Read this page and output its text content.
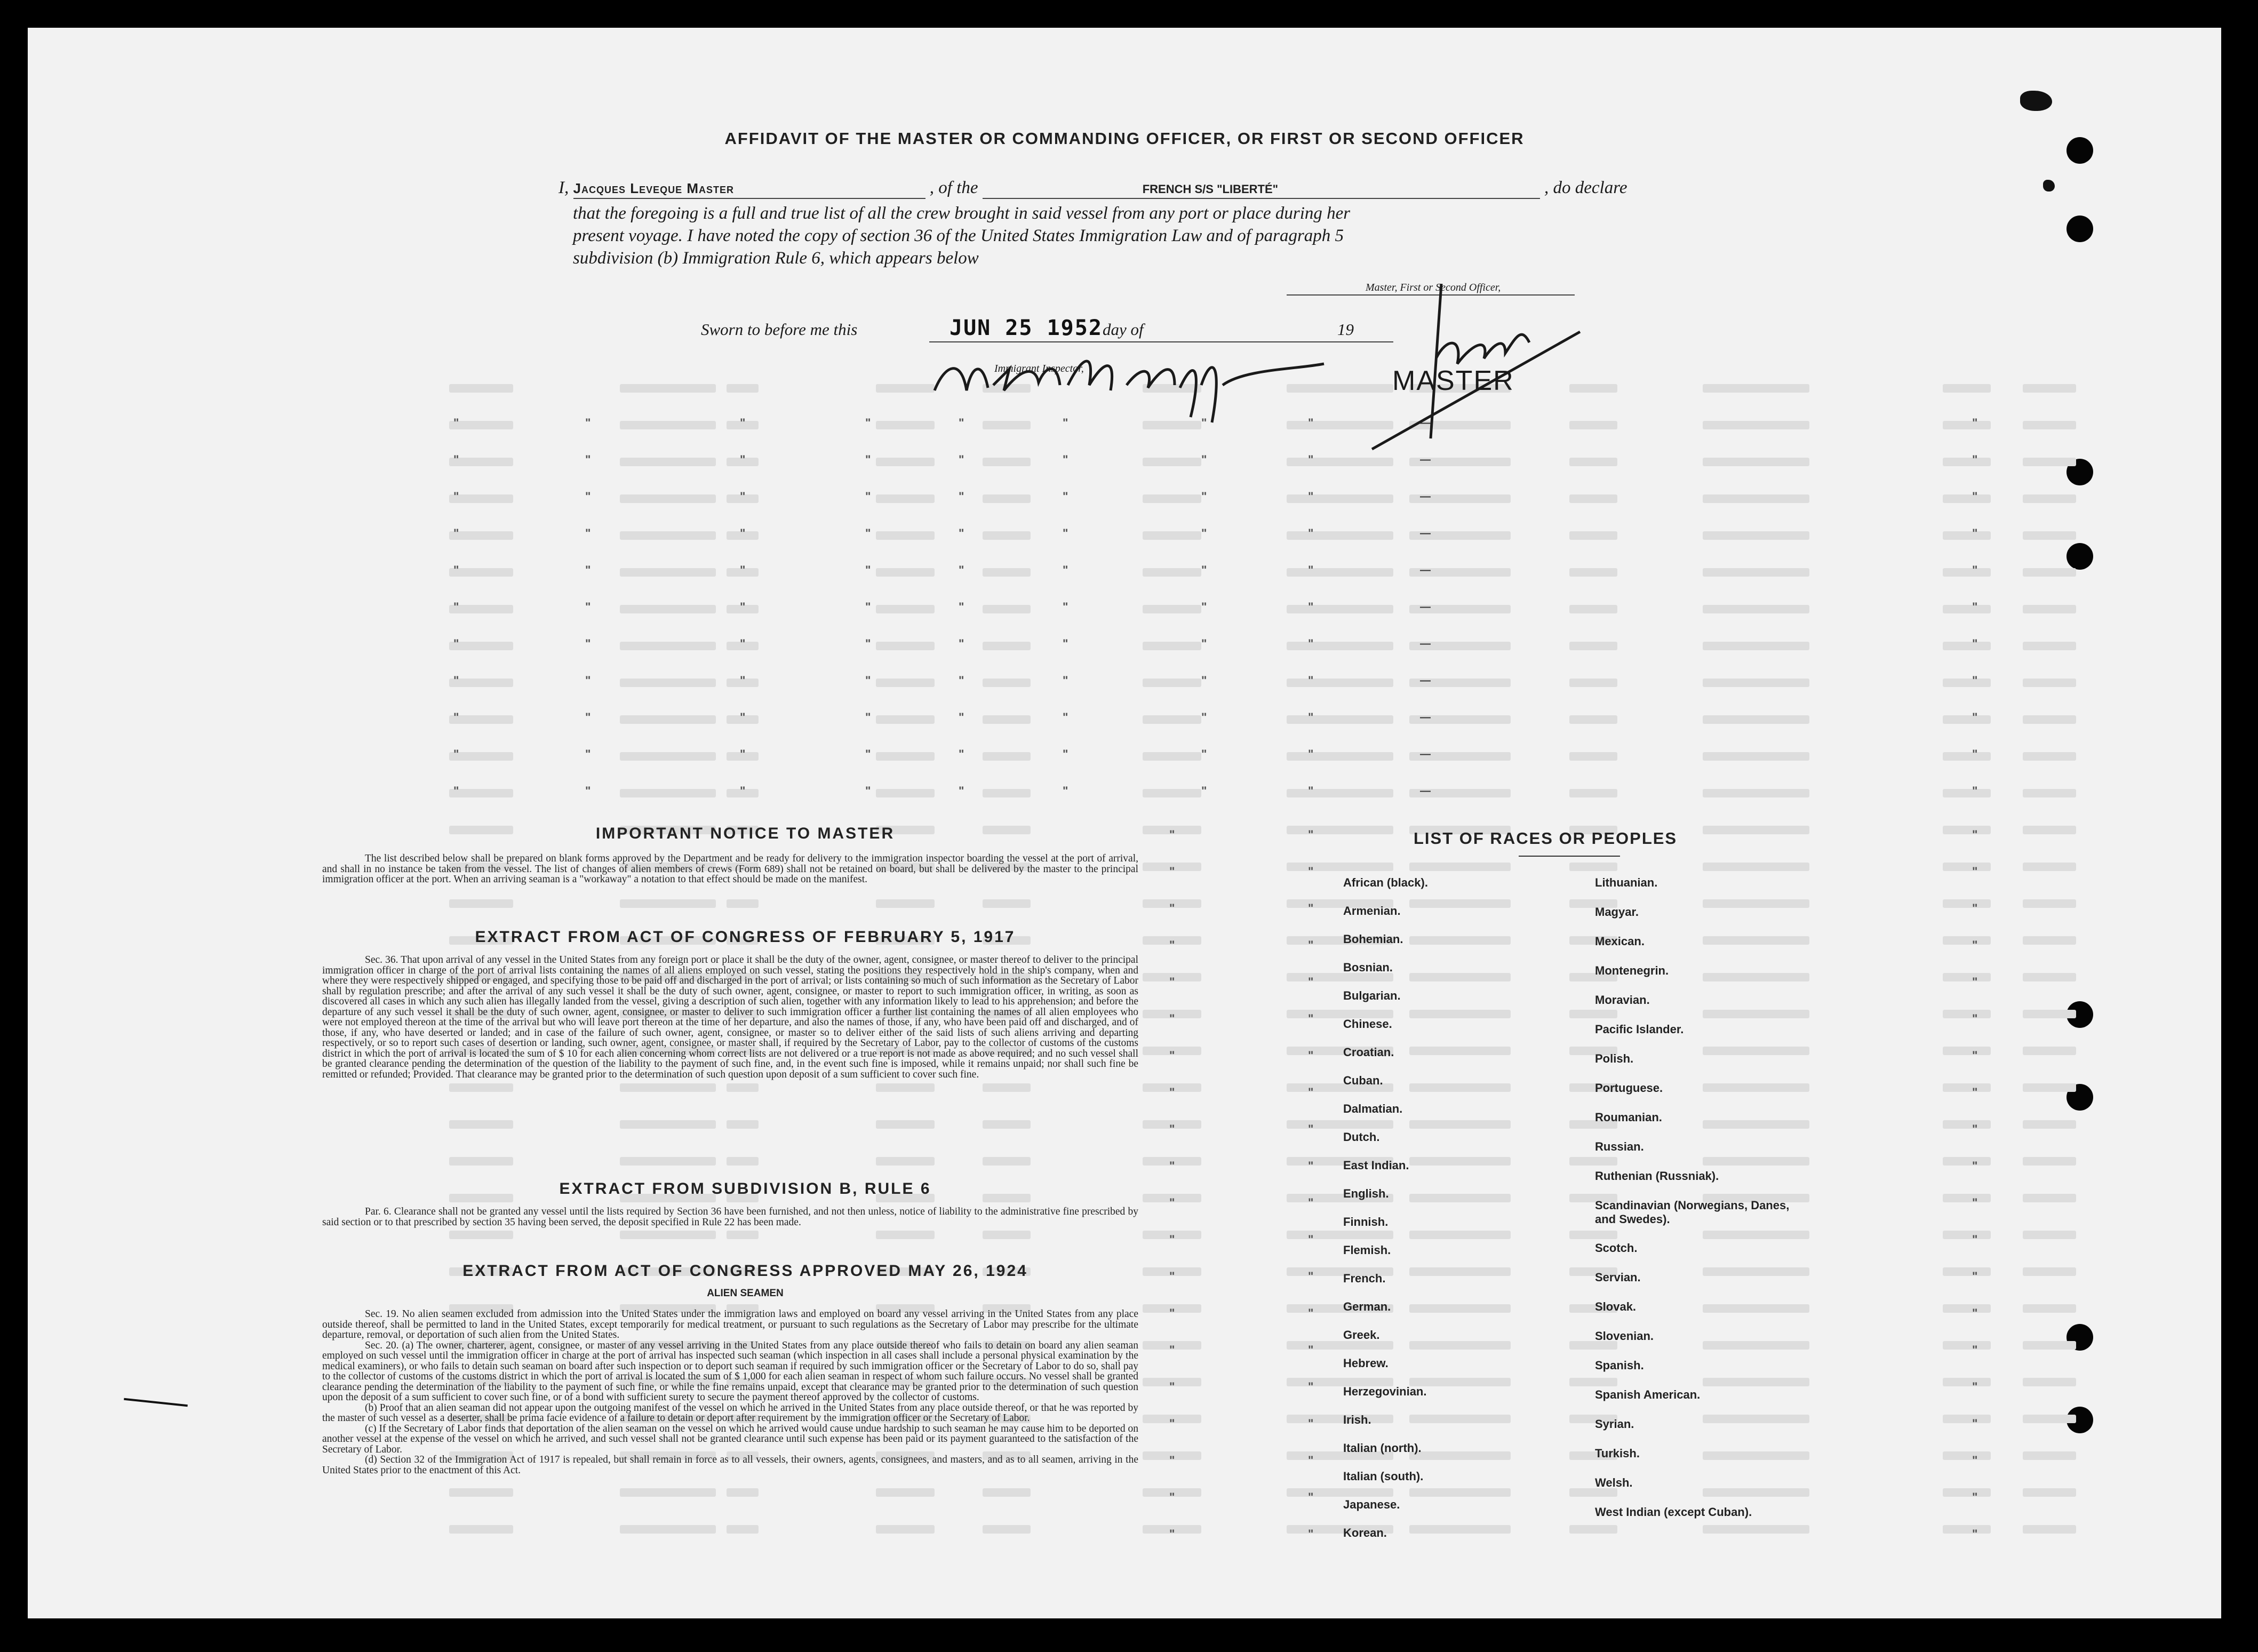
AFFIDAVIT OF THE MASTER OR COMMANDING OFFICER, OR FIRST OR SECOND OFFICER
I, Jacques Leveque Master	, of the	FRENCH S/S "LIBERTÉ"	, do declare
that the foregoing is a full and true list of all the crew brought in said vessel from any port or place during her
present voyage. I have noted the copy of section 36 of the United States Immigration Law and of paragraph 5
subdivision (b) Immigration Rule 6, which appears below
Master, First or Second Officer,
Sworn to before me this	JUN 25 1952 day of	19
Immigrant Inspector,	MASTER
"	"	"	"	"	"	"	"	—	"
"	"	"	"	"	"	"	"	—	"
"	"	"	"	"	"	"	"	—	"
"	"	"	"	"	"	"	"	—	"
"	"	"	"	"	"	"	"	—	"
"	"	"	"	"	"	"	"	—	"
"	"	"	"	"	"	"	"	—	"
"	"	"	"	"	"	"	"	—	"
"	"	"	"	"	"	"	"	—	"
"	"	"	"	"	"	"	"	—	"
"	"	"	"	"	"	"	"	—	"
"	"	"
"	"	"
"	"	"
"	"	"
"	"	"
"	"	"
"	"	"
"	"	"
"	"	"
"	"	"
"	"	"
"	"	"
"	"	"
"	"	"
"	"	"
"	"	"
"	"	"
"	"	"
"	"	"
"	"	"
IMPORTANT NOTICE TO MASTER

The list described below shall be prepared on blank forms approved by the Department and be ready for delivery to the immigration inspector boarding the vessel at the port of arrival, and shall in no instance be taken from the vessel. The list of changes of alien members of crews (Form 689) shall not be retained on board, but shall be delivered by the master to the principal immigration officer at the port. When an arriving seaman is a "workaway" a notation to that effect should be made on the manifest.

EXTRACT FROM ACT OF CONGRESS OF FEBRUARY 5, 1917

Sec. 36. That upon arrival of any vessel in the United States from any foreign port or place it shall be the duty of the owner, agent, consignee, or master thereof to deliver to the principal immigration officer in charge of the port of arrival lists containing the names of all aliens employed on such vessel, stating the positions they respectively hold in the ship's company, when and where they were respectively shipped or engaged, and specifying those to be paid off and discharged in the port of arrival; or lists containing so much of such information as the Secretary of Labor shall by regulation prescribe; and after the arrival of any such vessel it shall be the duty of such owner, agent, consignee, or master to report to such immigration officer, in writing, as soon as discovered all cases in which any such alien has illegally landed from the vessel, giving a description of such alien, together with any information likely to lead to his apprehension; and before the departure of any such vessel it shall be the duty of such owner, agent, consignee, or master to deliver to such immigration officer a further list containing the names of all alien employees who were not employed thereon at the time of the arrival but who will leave port thereon at the time of her departure, and also the names of those, if any, who have been paid off and discharged, and of those, if any, who have deserted or landed; and in case of the failure of such owner, agent, consignee, or master so to deliver either of the said lists of such aliens arriving and departing respectively, or so to report such cases of desertion or landing, such owner, agent, consignee, or master shall, if required by the Secretary of Labor, pay to the collector of customs of the customs district in which the port of arrival is located the sum of $ 10 for each alien concerning whom correct lists are not delivered or a true report is not made as above required; and no such vessel shall be granted clearance pending the determination of the question of the liability to the payment of such fine, and, in the event such fine is imposed, while it remains unpaid; nor shall such fine be remitted or refunded; Provided. That clearance may be granted prior to the determination of such question upon deposit of a sum sufficient to cover such fine.

EXTRACT FROM SUBDIVISION B, RULE 6

Par. 6. Clearance shall not be granted any vessel until the lists required by Section 36 have been furnished, and not then unless, notice of liability to the administrative fine prescribed by said section or to that prescribed by section 35 having been served, the deposit specified in Rule 22 has been made.

EXTRACT FROM ACT OF CONGRESS APPROVED MAY 26, 1924
ALIEN SEAMEN

Sec. 19. No alien seamen excluded from admission into the United States under the immigration laws and employed on board any vessel arriving in the United States from any place outside thereof, shall be permitted to land in the United States, except temporarily for medical treatment, or pursuant to such regulations as the Secretary of Labor may prescribe for the ultimate departure, removal, or deportation of such alien from the United States.

Sec. 20. (a) The owner, charterer, agent, consignee, or master of any vessel arriving in the United States from any place outside thereof who fails to detain on board any alien seaman employed on such vessel until the immigration officer in charge at the port of arrival has inspected such seaman (which inspection in all cases shall include a personal physical examination by the medical examiners), or who fails to detain such seaman on board after such inspection or to deport such seaman if required by such immigration officer or the Secretary of Labor to do so, shall pay to the collector of customs of the customs district in which the port of arrival is located the sum of $ 1,000 for each alien seaman in respect of whom such failure occurs. No vessel shall be granted clearance pending the determination of the liability to the payment of such fine, or while the fine remains unpaid, except that clearance may be granted prior to the determination of such question upon the deposit of a sum sufficient to cover such fine, or of a bond with sufficient surety to secure the payment thereof approved by the collector of customs.

(b) Proof that an alien seaman did not appear upon the outgoing manifest of the vessel on which he arrived in the United States from any place outside thereof, or that he was reported by the master of such vessel as a deserter, shall be prima facie evidence of a failure to detain or deport after requirement by the immigration officer or the Secretary of Labor.

(c) If the Secretary of Labor finds that deportation of the alien seaman on the vessel on which he arrived would cause undue hardship to such seaman he may cause him to be deported on another vessel at the expense of the vessel on which he arrived, and such vessel shall not be granted clearance until such expense has been paid or its payment guaranteed to the satisfaction of the Secretary of Labor.

(d) Section 32 of the Immigration Act of 1917 is repealed, but shall remain in force as to all vessels, their owners, agents, consignees, and masters, and as to all seamen, arriving in the United States prior to the enactment of this Act.

LIST OF RACES OR PEOPLES
African (black).
Armenian.
Bohemian.
Bosnian.
Bulgarian.
Chinese.
Croatian.
Cuban.
Dalmatian.
Dutch.
East Indian.
English.
Finnish.
Flemish.
French.
German.
Greek.
Hebrew.
Herzegovinian.
Irish.
Italian (north).
Italian (south).
Japanese.
Korean.
Lithuanian.
Magyar.
Mexican.
Montenegrin.
Moravian.
Pacific Islander.
Polish.
Portuguese.
Roumanian.
Russian.
Ruthenian (Russniak).
Scandinavian (Norwegians, Danes, and Swedes).
Scotch.
Servian.
Slovak.
Slovenian.
Spanish.
Spanish American.
Syrian.
Turkish.
Welsh.
West Indian (except Cuban).
